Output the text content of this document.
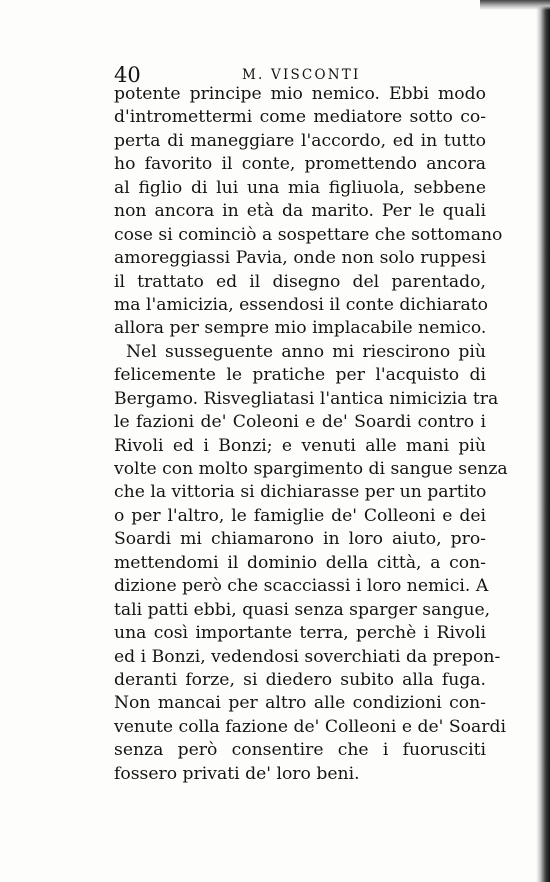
40	M. VISCONTI
potente principe mio nemico. Ebbi modo
d'intromettermi come mediatore sotto co-
perta di maneggiare l'accordo, ed in tutto
ho favorito il conte, promettendo ancora
al figlio di lui una mia figliuola, sebbene
non ancora in età da marito. Per le quali
cose si cominciò a sospettare che sottomano
amoreggiassi Pavia, onde non solo ruppesi
il trattato ed il disegno del parentado,
ma l'amicizia, essendosi il conte dichiarato
allora per sempre mio implacabile nemico.
Nel susseguente anno mi riescirono più
felicemente le pratiche per l'acquisto di
Bergamo. Risvegliatasi l'antica nimicizia tra
le fazioni de' Coleoni e de' Soardi contro i
Rivoli ed i Bonzi; e venuti alle mani più
volte con molto spargimento di sangue senza
che la vittoria si dichiarasse per un partito
o per l'altro, le famiglie de' Colleoni e dei
Soardi mi chiamarono in loro aiuto, pro-
mettendomi il dominio della città, a con-
dizione però che scacciassi i loro nemici. A
tali patti ebbi, quasi senza sparger sangue,
una così importante terra, perchè i Rivoli
ed i Bonzi, vedendosi soverchiati da prepon-
deranti forze, si diedero subito alla fuga.
Non mancai per altro alle condizioni con-
venute colla fazione de' Colleoni e de' Soardi
senza però consentire che i fuorusciti
fossero privati de' loro beni.
